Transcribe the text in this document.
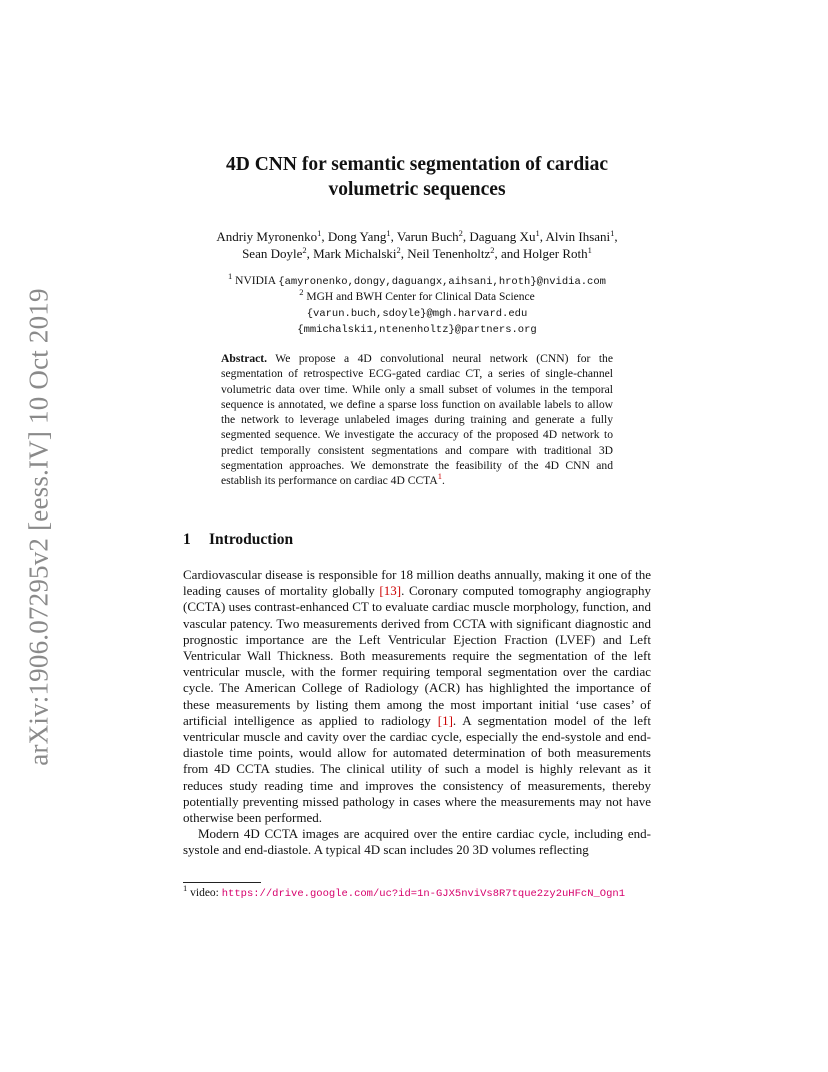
arXiv:1906.07295v2 [eess.IV] 10 Oct 2019
4D CNN for semantic segmentation of cardiac
volumetric sequences
Andriy Myronenko$^1$, Dong Yang$^1$, Varun Buch$^2$, Daguang Xu$^1$, Alvin Ihsani$^1$,
Sean Doyle$^2$, Mark Michalski$^2$, Neil Tenenholtz$^2$, and Holger Roth$^1$
$^1$ NVIDIA {amyronenko,dongy,daguangx,aihsani,hroth}@nvidia.com
$^2$ MGH and BWH Center for Clinical Data Science
{varun.buch,sdoyle}@mgh.harvard.edu
{mmichalski1,ntenenholtz}@partners.org
Abstract. We propose a 4D convolutional neural network (CNN) for the segmentation of retrospective ECG-gated cardiac CT, a series of single-channel volumetric data over time. While only a small subset of volumes in the temporal sequence is annotated, we define a sparse loss function on available labels to allow the network to leverage unlabeled images during training and generate a fully segmented sequence. We investigate the accuracy of the proposed 4D network to predict temporally consistent segmentations and compare with traditional 3D segmentation approaches. We demonstrate the feasibility of the 4D CNN and establish its performance on cardiac 4D CCTA$^1$.
1 Introduction

Cardiovascular disease is responsible for 18 million deaths annually, making it one of the leading causes of mortality globally [13]. Coronary computed tomography angiography (CCTA) uses contrast-enhanced CT to evaluate cardiac muscle morphology, function, and vascular patency. Two measurements derived from CCTA with significant diagnostic and prognostic importance are the Left Ventricular Ejection Fraction (LVEF) and Left Ventricular Wall Thickness. Both measurements require the segmentation of the left ventricular muscle, with the former requiring temporal segmentation over the cardiac cycle. The American College of Radiology (ACR) has highlighted the importance of these measurements by listing them among the most important initial ‘use cases’ of artificial intelligence as applied to radiology [1]. A segmentation model of the left ventricular muscle and cavity over the cardiac cycle, especially the end-systole and end-diastole time points, would allow for automated determination of both measurements from 4D CCTA studies. The clinical utility of such a model is highly relevant as it reduces study reading time and improves the consistency of measurements, thereby potentially preventing missed pathology in cases where the measurements may not have otherwise been performed.

Modern 4D CCTA images are acquired over the entire cardiac cycle, including end-systole and end-diastole. A typical 4D scan includes 20 3D volumes reflecting

$^1$ video: https://drive.google.com/uc?id=1n-GJX5nviVs8R7tque2zy2uHFcN_Ogn1
